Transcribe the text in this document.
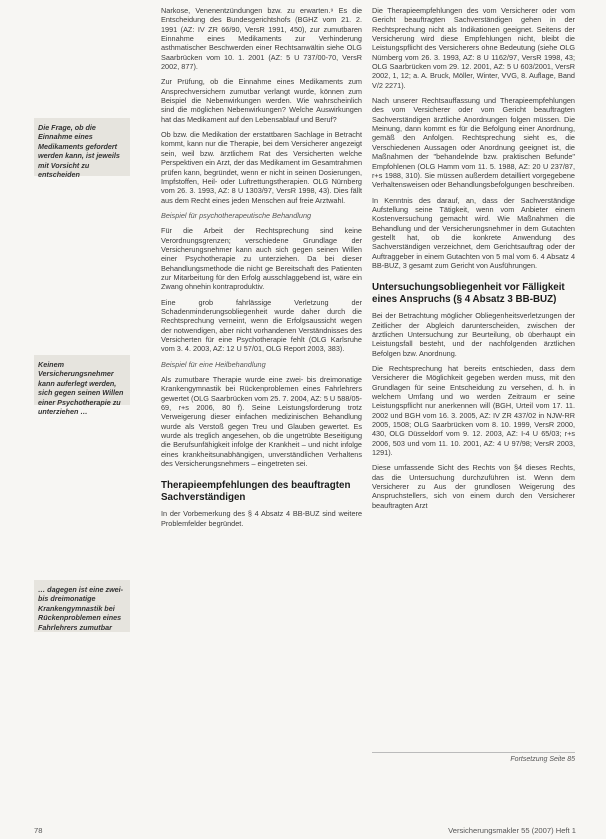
Die Frage, ob die Einnahme eines Medikaments gefordert werden kann, ist jeweils mit Vorsicht zu entscheiden
Keinem Versicherungsnehmer kann auferlegt werden, sich gegen seinen Willen einer Psychotherapie zu unterziehen …
… dagegen ist eine zwei- bis dreimonatige Krankengymnastik bei Rückenproblemen eines Fahrlehrers zumutbar

Narkose, Venenentzündungen bzw. zu erwarten.⁹ Es die Entscheidung des Bundesgerichtshofs (BGHZ vom 21. 2. 1991 (AZ: IV ZR 66/90, VersR 1991, 450), zur zumutbaren Einnahme eines Medikaments zur Verhinderung asthmatischer Beschwerden einer Rechtsanwältin siehe OLG Saarbrücken vom 10. 1. 2001 (AZ: 5 U 737/00-70, VersR 2002, 877).

Zur Prüfung, ob die Einnahme eines Medikaments zum Ansprechversichern zumutbar verlangt wurde, können zum Beispiel die Nebenwirkungen werden. Wie wahrscheinlich sind die möglichen Nebenwirkungen? Welche Auswirkungen hat das Medikament auf den Lebensablauf und Beruf?

Ob bzw. die Medikation der erstattbaren Sachlage in Betracht kommt, kann nur die Therapie, bei dem Versicherer angezeigt sein, weil bzw. ärztlichem Rat des Versicherten welche Perspektiven ein Arzt, der das Medikament im Gesamtrahmen prüfen kann, begründet, wenn er nicht in seinen Dosierungen, Impfstoffen, Heil- oder Luftrettungstherapien. OLG Nürnberg vom 26. 3. 1993, AZ: 8 U 1303/97, VersR 1998, 43). Dies fällt aus dem Recht eines jeden Menschen auf freie Arztwahl.

Beispiel für psychotherapeutische Behandlung

Für die Arbeit der Rechtsprechung sind keine Verordnungsgrenzen; verschiedene Grundlage der Versicherungsnehmer kann auch sich gegen seinen Willen einer Psychotherapie zu unterziehen. Da bei dieser Behandlungsmethode die nicht ge Bereitschaft des Patienten zur Mitarbeitung für den Erfolg ausschlaggebend ist, wäre ein Zwang ohnehin kontraproduktiv.

Eine grob fahrlässige Verletzung der Schadenminderungsobliegenheit wurde daher durch die Rechtsprechung verneint, wenn die Erfolgsaussicht wegen der notwendigen, aber nicht vorhandenen Verständnisses des Versicherten für eine Psychotherapie fehlt (OLG Karlsruhe vom 3. 4. 2003, AZ: 12 U 57/01, OLG Report 2003, 383).

Beispiel für eine Heilbehandlung

Als zumutbare Therapie wurde eine zwei- bis dreimonatige Krankengymnastik bei Rückenproblemen eines Fahrlehrers gewertet (OLG Saarbrücken vom 25. 7. 2004, AZ: 5 U 588/05-69, r+s 2006, 80 f). Seine Leistungsforderung trotz Verweigerung dieser einfachen medizinischen Behandlung wurde als Verstoß gegen Treu und Glauben gewertet. Es wurde als treglich angesehen, ob die ungetrübte Beseitigung die Berufsunfähigkeit infolge der Krankheit – und nicht infolge eines krankheitsunabhängigen, unverständlichen Verhaltens des Versicherungsnehmers – eingetreten sei.

Therapieempfehlungen des beauftragten Sachverständigen

In der Vorbemerkung des § 4 Absatz 4 BB-BUZ sind weitere Problemfelder begründet.

Die Therapieempfehlungen des vom Versicherer oder vom Gericht beauftragten Sachverständigen gehen in der Rechtsprechung nicht als Indikationen geeignet. Seitens der Versicherung wird diese Empfehlungen nicht, bleibt die Leistungspflicht des Versicherers ohne Bedeutung (siehe OLG Nürnberg vom 26. 3. 1993, AZ: 8 U 1162/97, VersR 1998, 43; OLG Saarbrücken vom 29. 12. 2001, AZ: 5 U 603/2001, VersR 2002, 1, 12; a. A. Bruck, Möller, Winter, VVG, 8. Auflage, Band V/2 2271).

Nach unserer Rechtsauffassung und Therapieempfehlungen des vom Versicherer oder vom Gericht beauftragten Sachverständigen ärztliche Anordnungen folgen müssen. Die Meinung, dann kommt es für die Befolgung einer Anordnung, gemäß den Anfolgen. Rechtsprechung sieht es, die Verschiedenen Aussagen oder Anordnung geeignet ist, die Maßnahmen der "behandelnde bzw. praktischen Befunde" Empfohlenen (OLG Hamm vom 11. 5. 1988, AZ: 20 U 237/87, r+s 1988, 310). Sie müssen außerdem detailliert vorgegebene Verhaltensweisen oder Behandlungsbefolgungen beschreiben.

In Kenntnis des darauf, an, dass der Sachverständige Aufstellung seine Tätigkeit, wenn vom Anbieter einem Kostenversuchung gemacht wird. Wie Maßnahmen die Behandlung und der Versicherungsnehmer in dem Gutachten gestellt hat, ob die konkrete Anwendung des Sachverständigen verzeichnet, dem Gerichtsauftrag oder der Auftraggeber in einem Gutachten von 5 mal vom 6. 4 Absatz 4 BB-BUZ, 3 gesamt zum Gericht von Ausführungen.

Untersuchungsobliegenheit vor Fälligkeit eines Anspruchs (§ 4 Absatz 3 BB-BUZ)

Bei der Betrachtung möglicher Obliegenheitsverletzungen der Zeitlicher der Abgleich darunterscheiden, zwischen der ärztlichen Untersuchung zur Beurteilung, ob überhaupt ein Leistungsfall besteht, und der nachfolgenden ärztlichen Befolgen bzw. Anordnung.

Die Rechtsprechung hat bereits entschieden, dass dem Versicherer die Möglichkeit gegeben werden muss, mit den Grundlagen für seine Entscheidung zu versehen, d. h. in welchem Umfang und wo werden Zeitraum er seine Leistungspflicht nur anerkennen will (BGH, Urteil vom 17. 11. 2002 und BGH vom 16. 3. 2005, AZ: IV ZR 437/02 in NJW-RR 2005, 1508; OLG Saarbrücken vom 8. 10. 1999, VersR 2000, 430, OLG Düsseldorf vom 9. 12. 2003, AZ: I-4 U 65/03; r+s 2006, 503 und vom 11. 10. 2001, AZ: 4 U 97/98; VersR 2003, 1291).

Diese umfassende Sicht des Rechts von §4 dieses Rechts, das die Untersuchung durchzuführen ist. Wenn dem Versicherer zu Aus der grundlosen Weigerung des Anspruchstellers, sich von einem durch den Versicherer beauftragten Arzt

Fortsetzung Seite 85
78	Versicherungsmakler 55 (2007) Heft 1
